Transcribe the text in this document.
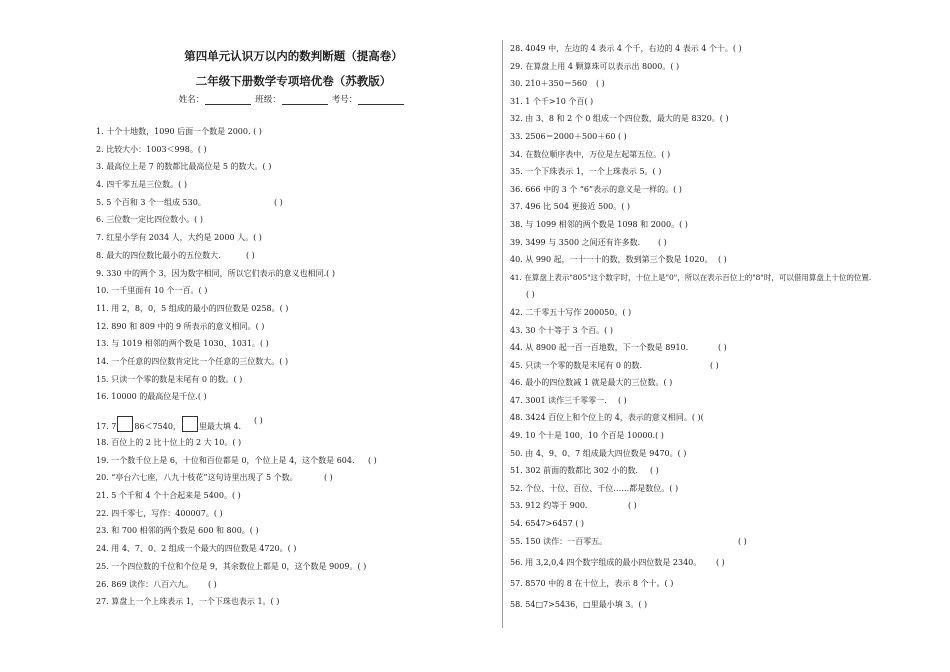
第四单元认识万以内的数判断题（提高卷）
二年级下册数学专项培优卷（苏教版）
姓名：	班级：	考号：
1. 十个十地数，1090 后面一个数是 2000. ( )
2. 比较大小：1003＜998。( )
3. 最高位上是 7 的数都比最高位是 5 的数大。( )
4. 四千零五是三位数。( )
5. 5 个百和 3 个一组成 530。	( )
6. 三位数一定比四位数小。( )
7. 红星小学有 2034 人，大约是 2000 人。( )
8. 最大的四位数比最小的五位数大.	( )
9. 330 中的两个 3，因为数字相同，所以它们表示的意义也相同.( )
10. 一千里面有 10 个一百。( )
11. 用 2，8，0，5 组成的最小的四位数是 0258。( )
12. 890 和 809 中的 9 所表示的意义相同。( )
13. 与 1019 相邻的两个数是 1030、1031。( )
14. 一个任意的四位数肯定比一个任意的三位数大。( )
15. 只读一个零的数是末尾有 0 的数。( )
16. 10000 的最高位是千位.( )
17. 7 86＜7540， 里最大填 4.
( )
18. 百位上的 2 比十位上的 2 大 10。( )
19. 一个数千位上是 6，十位和百位都是 0，个位上是 4，这个数是 604. ( )
20. “亭台六七座，八九十枝花”这句诗里出现了 5 个数。	( )
21. 5 个千和 4 个十合起来是 5400。( )
22. 四千零七，写作：400007。( )
23. 和 700 相邻的两个数是 600 和 800。( )
24. 用 4、7、0、2 组成一个最大的四位数是 4720。( )
25. 一个四位数的千位和个位是 9，其余数位上都是 0，这个数是 9009。( )
26. 869 读作：八百六九。 ( )
27. 算盘上一个上珠表示 1，一个下珠也表示 1。( )
28. 4049 中，左边的 4 表示 4 个千，右边的 4 表示 4 个十。( )
29. 在算盘上用 4 颗算珠可以表示出 8000。( )
30. 210＋350＝560 ( )
31. 1 个千>10 个百( )
32. 由 3、8 和 2 个 0 组成一个四位数，最大的是 8320。( )
33. 2506＝2000＋500＋60 ( )
34. 在数位顺序表中，万位是左起第五位。( )
35. 一个下珠表示 1，一个上珠表示 5。( )
36. 666 中的 3 个 “6”表示的意义是一样的。( )
37. 496 比 504 更接近 500。( )
38. 与 1099 相邻的两个数是 1098 和 2000。( )
39. 3499 与 3500 之间还有许多数. ( )
40. 从 990 起，一十一十的数，数到第三个数是 1020。 ( )
41. 在算盘上表示"805"这个数字时，十位上是"0"，所以在表示百位上的"8"时，可以借用算盘上十位的位置.
( )
42. 二千零五十写作 200050。( )
43. 30 个十等于 3 个百。( )
44. 从 8900 起一百一百地数，下一个数是 8910.	( )
45. 只读一个零的数是末尾有 0 的数.	( )
46. 最小的四位数减 1 就是最大的三位数。( )
47. 3001 读作三千零零一. ( )
48. 3424 百位上和个位上的 4，表示的意义相同。( )(
49. 10 个十是 100，10 个百是 10000.( )
50. 由 4、9、0、7 组成最大四位数是 9470。( )
51. 302 前面的数都比 302 小的数. ( )
52. 个位、十位、百位、千位……都是数位。( )
53. 912 约等于 900.	( )
54. 6547>6457 ( )
55. 150 读作：一百零五。	( )
56. 用 3,2,0,4 四个数字组成的最小四位数是 2340。 ( )
57. 8570 中的 8 在十位上，表示 8 个十。( )
58. 54□7>5436，□里最小填 3。( )
